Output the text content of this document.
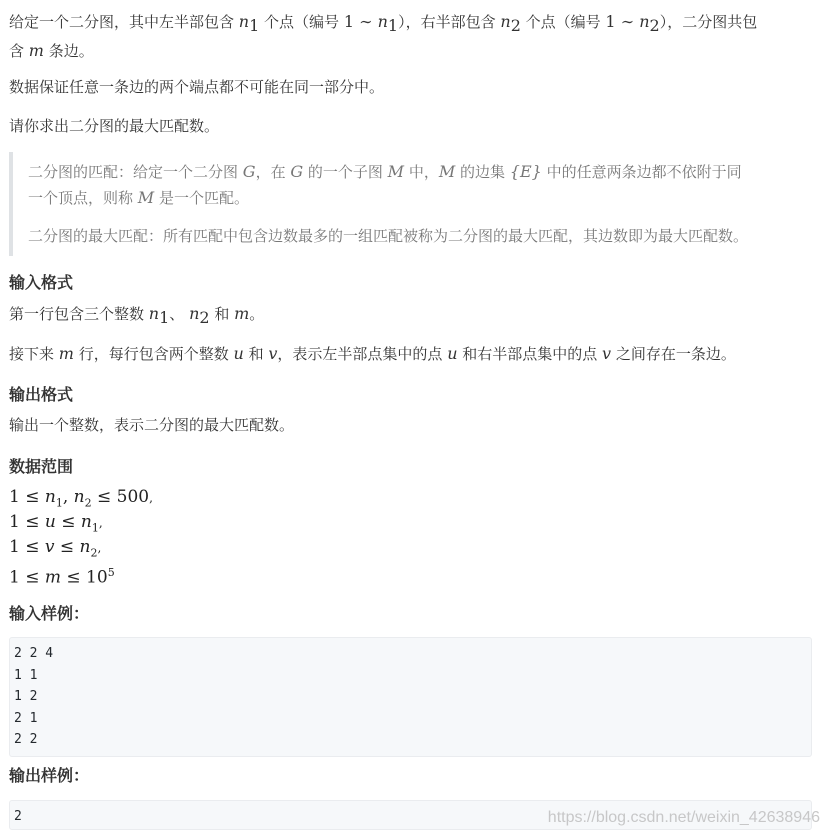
给定一个二分图，其中左半部包含 $n_1$ 个点（编号 1 ∼ $n_1$），右半部包含 $n_2$ 个点（编号 1 ∼ $n_2$），二分图共包
含 m 条边。

数据保证任意一条边的两个端点都不可能在同一部分中。

请你求出二分图的最大匹配数。

二分图的匹配：给定一个二分图 G，在 G 的一个子图 M 中，M 的边集 {E} 中的任意两条边都不依附于同
一个顶点，则称 M 是一个匹配。

二分图的最大匹配：所有匹配中包含边数最多的一组匹配被称为二分图的最大匹配，其边数即为最大匹配数。

输入格式

第一行包含三个整数 $n_1$、 $n_2$ 和 m。

接下来 m 行，每行包含两个整数 u 和 v，表示左半部点集中的点 u 和右半部点集中的点 v 之间存在一条边。

输出格式

输出一个整数，表示二分图的最大匹配数。

数据范围

$1 \le n_1$, $n_2 \le 500$,
$1 \le u \le n_1$,
$1 \le v \le n_2$,
$1 \le m \le 10^5$

输入样例：

2 2 4
1 1
1 2
2 1
2 2

输出样例：

2	https://blog.csdn.net/weixin_42638946
